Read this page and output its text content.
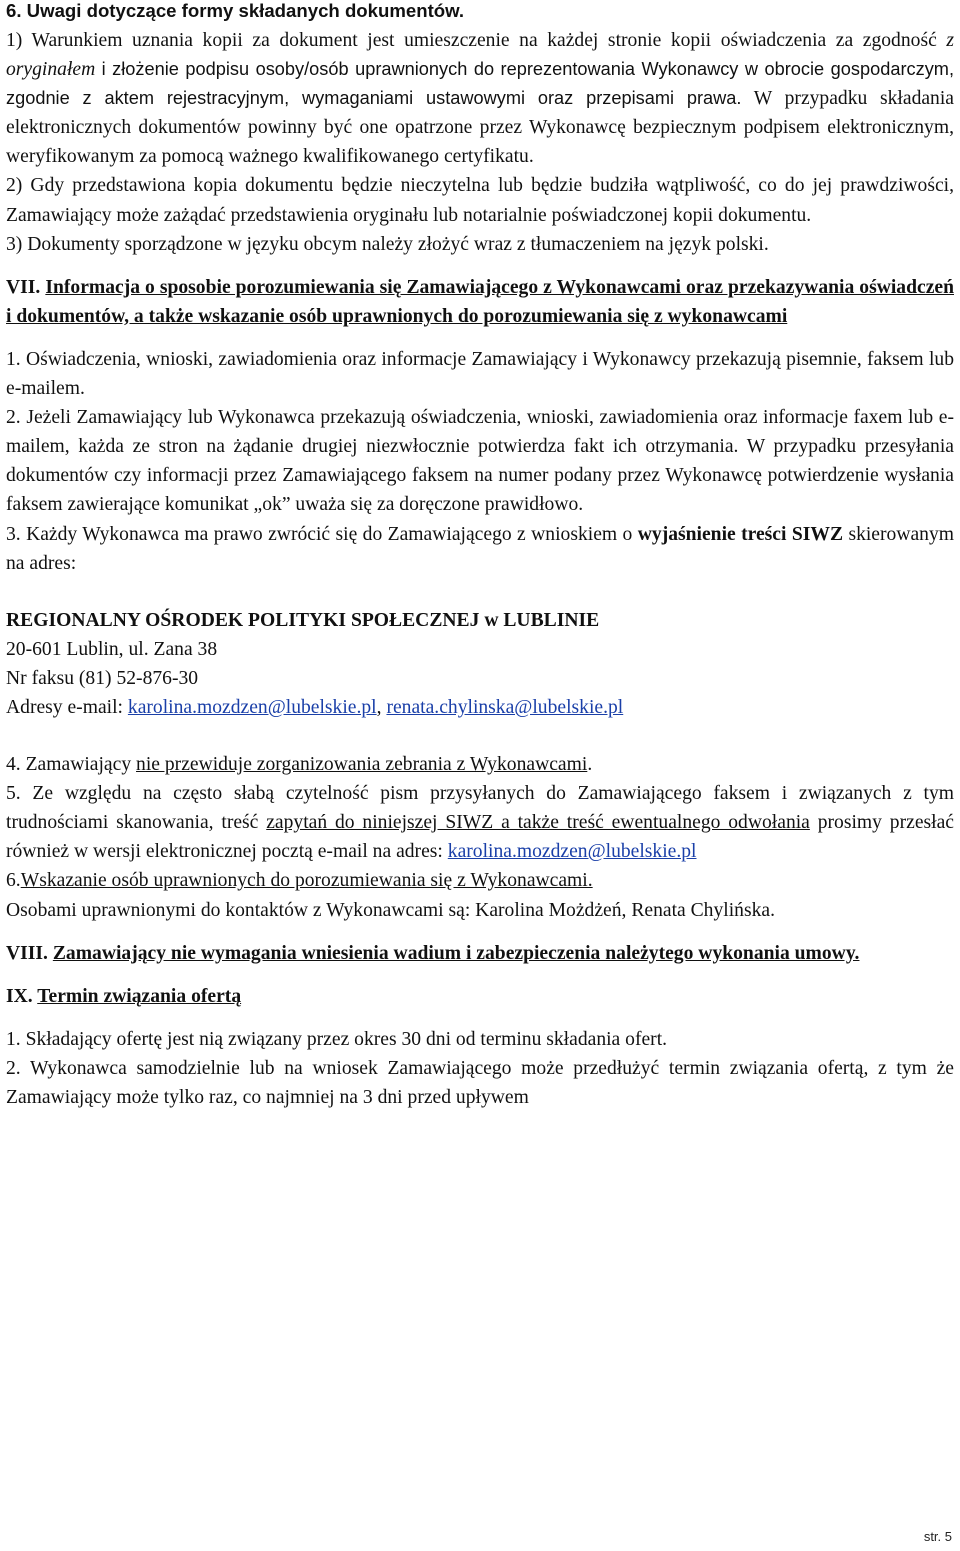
6. Uwagi dotyczące formy składanych dokumentów.

1) Warunkiem uznania kopii za dokument jest umieszczenie na każdej stronie kopii oświadczenia za zgodność z oryginałem i złożenie podpisu osoby/osób uprawnionych do reprezentowania Wykonawcy w obrocie gospodarczym, zgodnie z aktem rejestracyjnym, wymaganiami ustawowymi oraz przepisami prawa. W przypadku składania elektronicznych dokumentów powinny być one opatrzone przez Wykonawcę bezpiecznym podpisem elektronicznym, weryfikowanym za pomocą ważnego kwalifikowanego certyfikatu.

2) Gdy przedstawiona kopia dokumentu będzie nieczytelna lub będzie budziła wątpliwość, co do jej prawdziwości, Zamawiający może zażądać przedstawienia oryginału lub notarialnie poświadczonej kopii dokumentu.

3) Dokumenty sporządzone w języku obcym należy złożyć wraz z tłumaczeniem na język polski.

VII. Informacja o sposobie porozumiewania się Zamawiającego z Wykonawcami oraz przekazywania oświadczeń i dokumentów, a także wskazanie osób uprawnionych do porozumiewania się z wykonawcami

1. Oświadczenia, wnioski, zawiadomienia oraz informacje Zamawiający i Wykonawcy przekazują pisemnie, faksem lub e-mailem.

2. Jeżeli Zamawiający lub Wykonawca przekazują oświadczenia, wnioski, zawiadomienia oraz informacje faxem lub e-mailem, każda ze stron na żądanie drugiej niezwłocznie potwierdza fakt ich otrzymania. W przypadku przesyłania dokumentów czy informacji przez Zamawiającego faksem na numer podany przez Wykonawcę potwierdzenie wysłania faksem zawierające komunikat „ok” uważa się za doręczone prawidłowo.

3. Każdy Wykonawca ma prawo zwrócić się do Zamawiającego z wnioskiem o wyjaśnienie treści SIWZ skierowanym na adres:

REGIONALNY OŚRODEK POLITYKI SPOŁECZNEJ w LUBLINIE

20-601 Lublin, ul. Zana 38

Nr faksu (81) 52-876-30

Adresy e-mail: karolina.mozdzen@lubelskie.pl, renata.chylinska@lubelskie.pl

4. Zamawiający nie przewiduje zorganizowania zebrania z Wykonawcami.

5. Ze względu na często słabą czytelność pism przysyłanych do Zamawiającego faksem i związanych z tym trudnościami skanowania, treść zapytań do niniejszej SIWZ a także treść ewentualnego odwołania prosimy przesłać również w wersji elektronicznej pocztą e-mail na adres: karolina.mozdzen@lubelskie.pl

6.Wskazanie osób uprawnionych do porozumiewania się z Wykonawcami.

Osobami uprawnionymi do kontaktów z Wykonawcami są: Karolina Możdżeń, Renata Chylińska.

VIII. Zamawiający nie wymagania wniesienia wadium i zabezpieczenia należytego wykonania umowy.

IX. Termin związania ofertą

1. Składający ofertę jest nią związany przez okres 30 dni od terminu składania ofert.

2. Wykonawca samodzielnie lub na wniosek Zamawiającego może przedłużyć termin związania ofertą, z tym że Zamawiający może tylko raz, co najmniej na 3 dni przed upływem

str. 5
